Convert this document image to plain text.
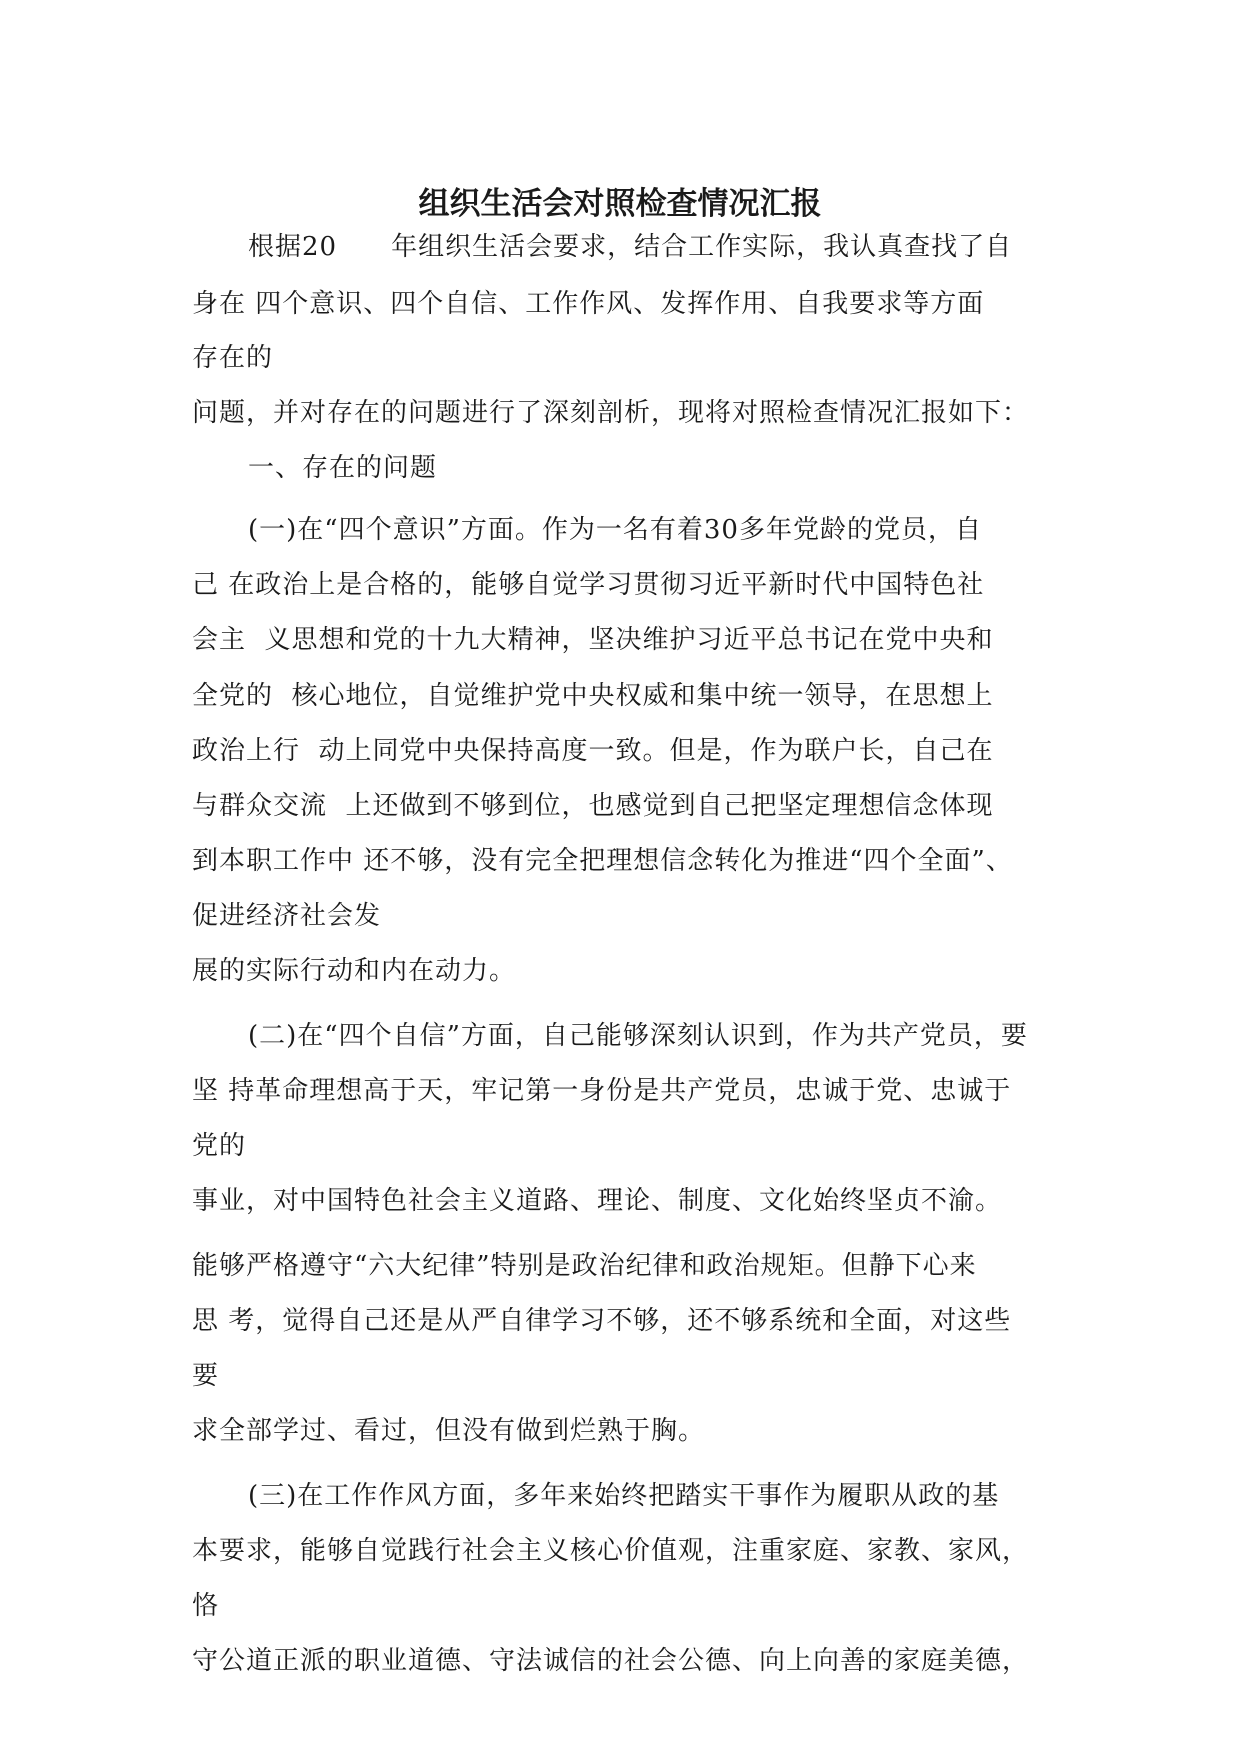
组织生活会对照检查情况汇报
根据20　　年组织生活会要求，结合工作实际，我认真查找了自
身在 四个意识、四个自信、工作作风、发挥作用、自我要求等方面
存在的
问题，并对存在的问题进行了深刻剖析，现将对照检查情况汇报如下：
一、存在的问题
(一)在“四个意识”方面。作为一名有着30多年党龄的党员，自
己 在政治上是合格的，能够自觉学习贯彻习近平新时代中国特色社
会主  义思想和党的十九大精神，坚决维护习近平总书记在党中央和
全党的  核心地位，自觉维护党中央权威和集中统一领导，在思想上
政治上行  动上同党中央保持高度一致。但是，作为联户长，自己在
与群众交流  上还做到不够到位，也感觉到自己把坚定理想信念体现
到本职工作中 还不够，没有完全把理想信念转化为推进“四个全面”、
促进经济社会发
展的实际行动和内在动力。
(二)在“四个自信”方面，自己能够深刻认识到，作为共产党员，要
坚 持革命理想高于天，牢记第一身份是共产党员，忠诚于党、忠诚于
党的
事业，对中国特色社会主义道路、理论、制度、文化始终坚贞不渝。
能够严格遵守“六大纪律”特别是政治纪律和政治规矩。但静下心来
思 考，觉得自己还是从严自律学习不够，还不够系统和全面，对这些
要
求全部学过、看过，但没有做到烂熟于胸。
(三)在工作作风方面，多年来始终把踏实干事作为履职从政的基
本要求，能够自觉践行社会主义核心价值观，注重家庭、家教、家风，
恪
守公道正派的职业道德、守法诚信的社会公德、向上向善的家庭美德，
